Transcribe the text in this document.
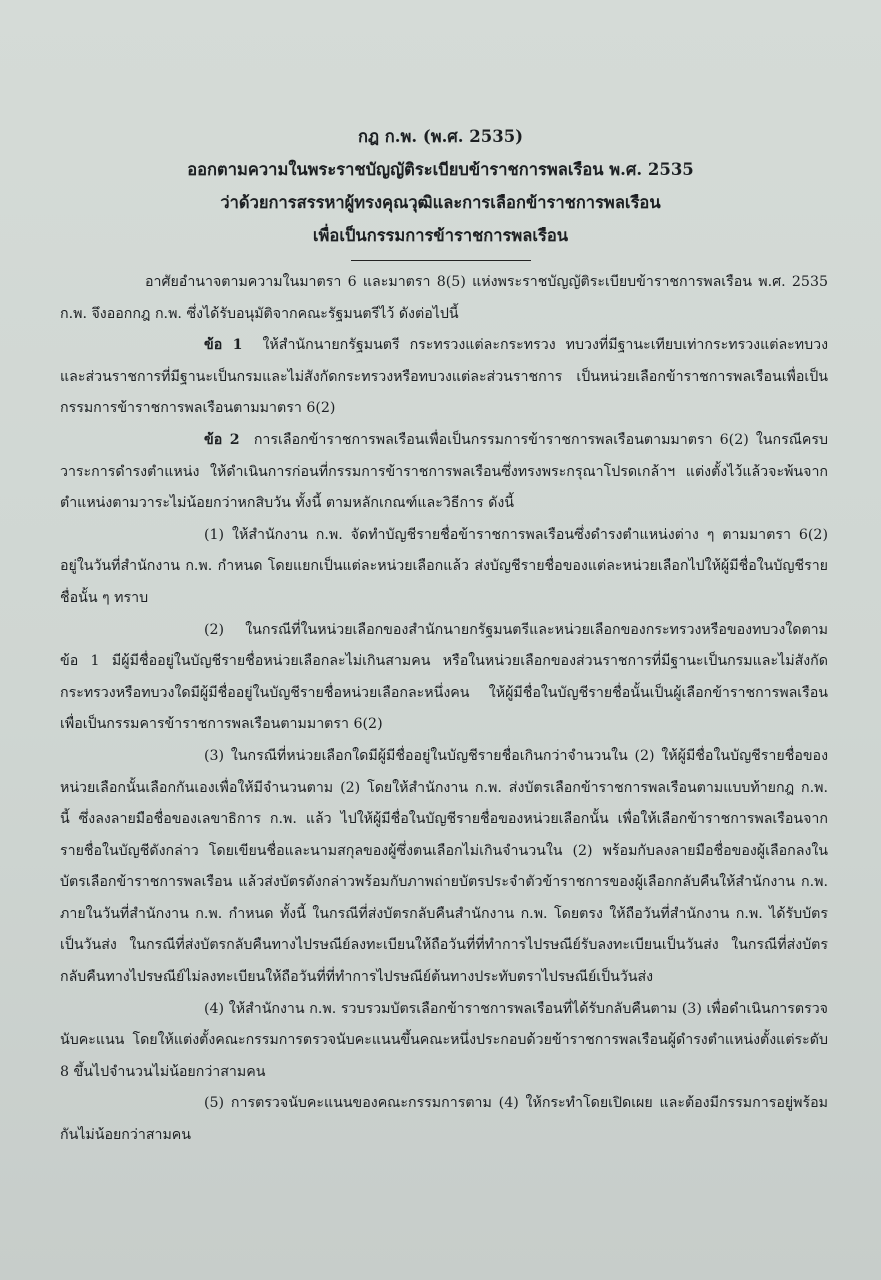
กฎ ก.พ. (พ.ศ. 2535)
ออกตามความในพระราชบัญญัติระเบียบข้าราชการพลเรือน พ.ศ. 2535
ว่าด้วยการสรรหาผู้ทรงคุณวุฒิและการเลือกข้าราชการพลเรือน
เพื่อเป็นกรรมการข้าราชการพลเรือน

อาศัยอำนาจตามความในมาตรา 6 และมาตรา 8(5) แห่งพระราชบัญญัติระเบียบข้าราชการพลเรือน พ.ศ. 2535 ก.พ. จึงออกกฎ ก.พ. ซึ่งได้รับอนุมัติจากคณะรัฐมนตรีไว้ ดังต่อไปนี้

ข้อ 1 ให้สำนักนายกรัฐมนตรี กระทรวงแต่ละกระทรวง ทบวงที่มีฐานะเทียบเท่ากระทรวงแต่ละทบวง และส่วนราชการที่มีฐานะเป็นกรมและไม่สังกัดกระทรวงหรือทบวงแต่ละส่วนราชการ เป็นหน่วยเลือกข้าราชการพลเรือนเพื่อเป็นกรรมการข้าราชการพลเรือนตามมาตรา 6(2)

ข้อ 2 การเลือกข้าราชการพลเรือนเพื่อเป็นกรรมการข้าราชการพลเรือนตามมาตรา 6(2) ในกรณีครบวาระการดำรงตำแหน่ง ให้ดำเนินการก่อนที่กรรมการข้าราชการพลเรือนซึ่งทรงพระกรุณาโปรดเกล้าฯ แต่งตั้งไว้แล้วจะพ้นจากตำแหน่งตามวาระไม่น้อยกว่าหกสิบวัน ทั้งนี้ ตามหลักเกณฑ์และวิธีการ ดังนี้

(1) ให้สำนักงาน ก.พ. จัดทำบัญชีรายชื่อข้าราชการพลเรือนซึ่งดำรงตำแหน่งต่าง ๆ ตามมาตรา 6(2) อยู่ในวันที่สำนักงาน ก.พ. กำหนด โดยแยกเป็นแต่ละหน่วยเลือกแล้ว ส่งบัญชีรายชื่อของแต่ละหน่วยเลือกไปให้ผู้มีชื่อในบัญชีรายชื่อนั้น ๆ ทราบ

(2) ในกรณีที่ในหน่วยเลือกของสำนักนายกรัฐมนตรีและหน่วยเลือกของกระทรวงหรือของทบวงใดตามข้อ 1 มีผู้มีชื่ออยู่ในบัญชีรายชื่อหน่วยเลือกละไม่เกินสามคน หรือในหน่วยเลือกของส่วนราชการที่มีฐานะเป็นกรมและไม่สังกัดกระทรวงหรือทบวงใดมีผู้มีชื่ออยู่ในบัญชีรายชื่อหน่วยเลือกละหนึ่งคน ให้ผู้มีชื่อในบัญชีรายชื่อนั้นเป็นผู้เลือกข้าราชการพลเรือนเพื่อเป็นกรรมคารข้าราชการพลเรือนตามมาตรา 6(2)

(3) ในกรณีที่หน่วยเลือกใดมีผู้มีชื่ออยู่ในบัญชีรายชื่อเกินกว่าจำนวนใน (2) ให้ผู้มีชื่อในบัญชีรายชื่อของหน่วยเลือกนั้นเลือกกันเองเพื่อให้มีจำนวนตาม (2) โดยให้สำนักงาน ก.พ. ส่งบัตรเลือกข้าราชการพลเรือนตามแบบท้ายกฎ ก.พ. นี้ ซึ่งลงลายมือชื่อของเลขาธิการ ก.พ. แล้ว ไปให้ผู้มีชื่อในบัญชีรายชื่อของหน่วยเลือกนั้น เพื่อให้เลือกข้าราชการพลเรือนจากรายชื่อในบัญชีดังกล่าว โดยเขียนชื่อและนามสกุลของผู้ซึ่งตนเลือกไม่เกินจำนวนใน (2) พร้อมกับลงลายมือชื่อของผู้เลือกลงในบัตรเลือกข้าราชการพลเรือน แล้วส่งบัตรดังกล่าวพร้อมกับภาพถ่ายบัตรประจำตัวข้าราชการของผู้เลือกกลับคืนให้สำนักงาน ก.พ. ภายในวันที่สำนักงาน ก.พ. กำหนด ทั้งนี้ ในกรณีที่ส่งบัตรกลับคืนสำนักงาน ก.พ. โดยตรง ให้ถือวันที่สำนักงาน ก.พ. ได้รับบัตรเป็นวันส่ง ในกรณีที่ส่งบัตรกลับคืนทางไปรษณีย์ลงทะเบียนให้ถือวันที่ที่ทำการไปรษณีย์รับลงทะเบียนเป็นวันส่ง ในกรณีที่ส่งบัตรกลับคืนทางไปรษณีย์ไม่ลงทะเบียนให้ถือวันที่ที่ทำการไปรษณีย์ต้นทางประทับตราไปรษณีย์เป็นวันส่ง

(4) ให้สำนักงาน ก.พ. รวบรวมบัตรเลือกข้าราชการพลเรือนที่ได้รับกลับคืนตาม (3) เพื่อดำเนินการตรวจนับคะแนน โดยให้แต่งตั้งคณะกรรมการตรวจนับคะแนนขึ้นคณะหนึ่งประกอบด้วยข้าราชการพลเรือนผู้ดำรงตำแหน่งตั้งแต่ระดับ 8 ขึ้นไปจำนวนไม่น้อยกว่าสามคน

(5) การตรวจนับคะแนนของคณะกรรมการตาม (4) ให้กระทำโดยเปิดเผย และต้องมีกรรมการอยู่พร้อมกันไม่น้อยกว่าสามคน
